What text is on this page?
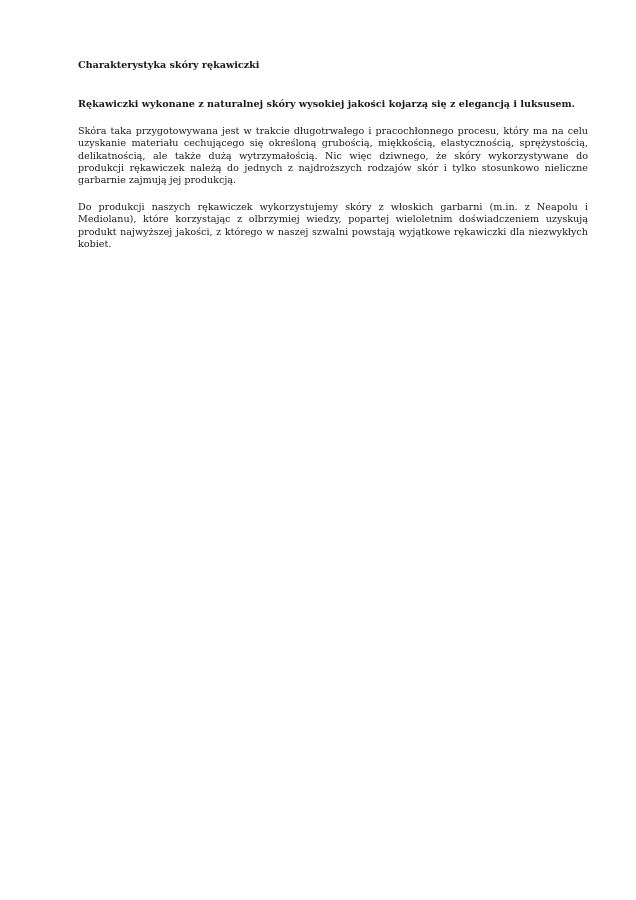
Charakterystyka skóry rękawiczki

Rękawiczki wykonane z naturalnej skóry wysokiej jakości kojarzą się z elegancją i luksusem.

Skóra taka przygotowywana jest w trakcie długotrwałego i pracochłonnego procesu, który ma na celu uzyskanie materiału cechującego się określoną grubością, miękkością, elastycznością, sprężystością, delikatnością, ale także dużą wytrzymałością. Nic więc dziwnego, że skóry wykorzystywane do produkcji rękawiczek należą do jednych z najdroższych rodzajów skór i tylko stosunkowo nieliczne garbarnie zajmują jej produkcją.

Do produkcji naszych rękawiczek wykorzystujemy skóry z włoskich garbarni (m.in. z Neapolu i Mediolanu), które korzystając z olbrzymiej wiedzy, popartej wieloletnim doświadczeniem uzyskują produkt najwyższej jakości, z którego w naszej szwalni powstają wyjątkowe rękawiczki dla niezwykłych kobiet.
